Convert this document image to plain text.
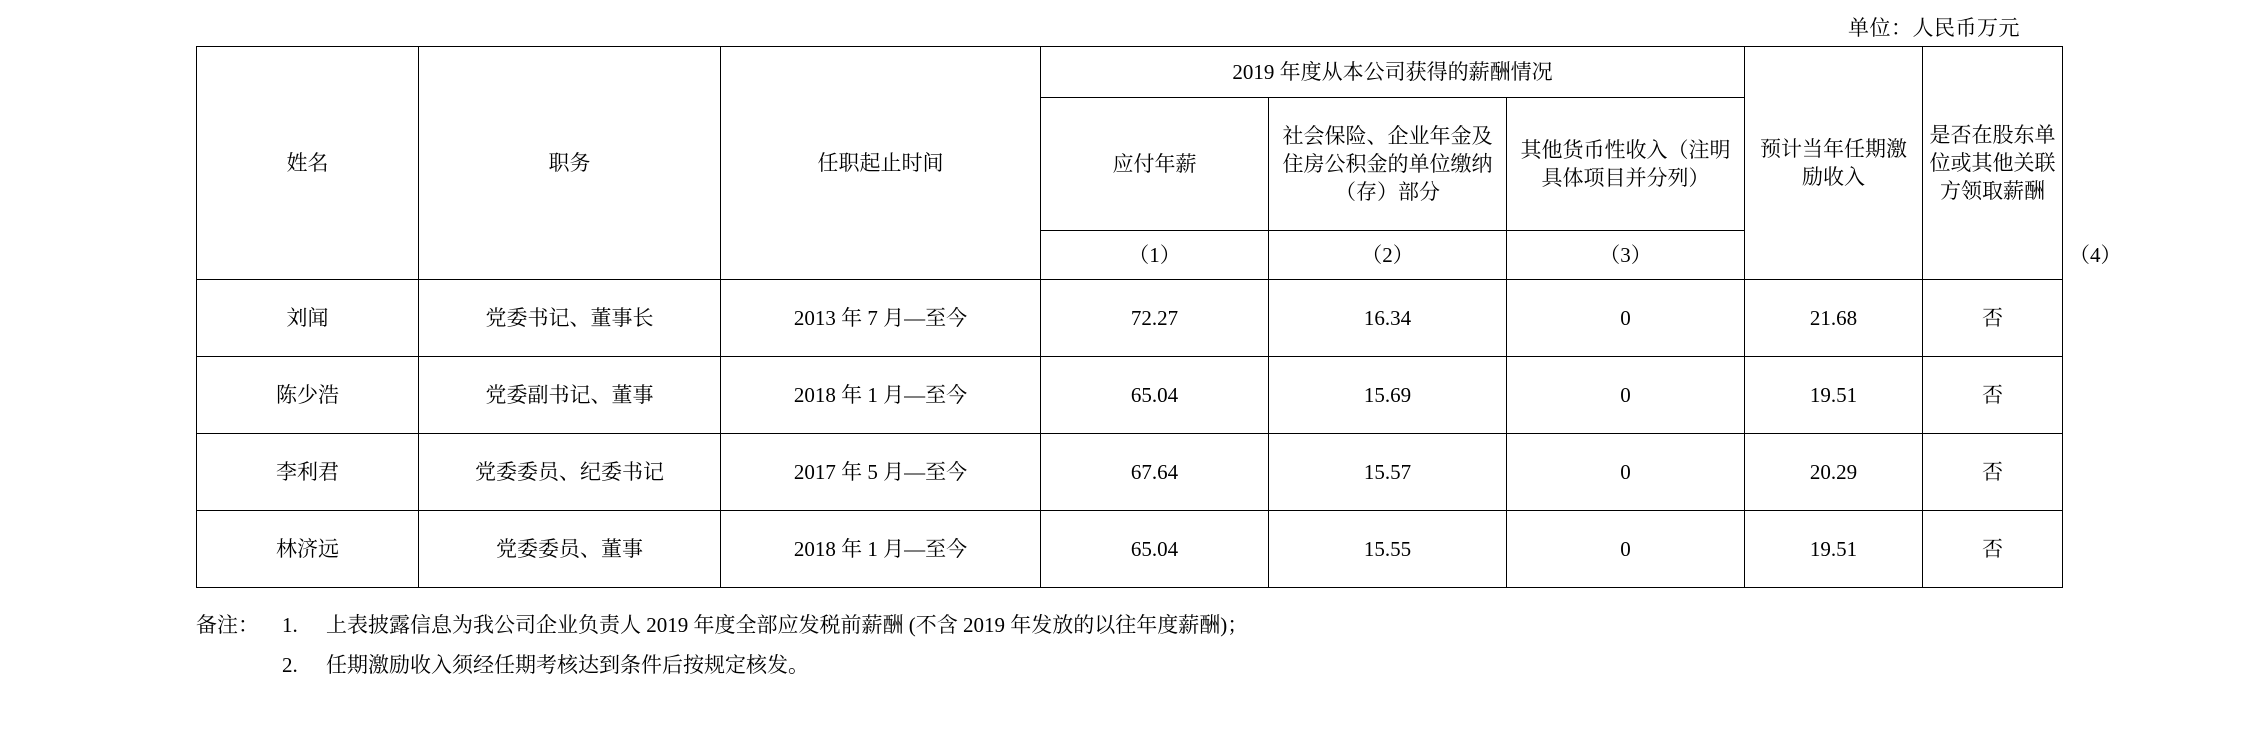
单位：人民币万元
姓名	职务	任职起止时间	2019 年度从本公司获得的薪酬情况			预计当年任期激励收入	是否在股东单位或其他关联方领取薪酬	
			应付年薪	社会保险、企业年金及住房公积金的单位缴纳（存）部分	其他货币性收入（注明具体项目并分列）			
			（1）	（2）	（3）			（4）
刘闻	党委书记、董事长	2013 年 7 月—至今	72.27	16.34	0	21.68	否	
陈少浩	党委副书记、董事	2018 年 1 月—至今	65.04	15.69	0	19.51	否	
李利君	党委委员、纪委书记	2017 年 5 月—至今	67.64	15.57	0	20.29	否	
林济远	党委委员、董事	2018 年 1 月—至今	65.04	15.55	0	19.51	否	
备注：	1.	上表披露信息为我公司企业负责人 2019 年度全部应发税前薪酬 (不含 2019 年发放的以往年度薪酬)；
2.	任期激励收入须经任期考核达到条件后按规定核发。
